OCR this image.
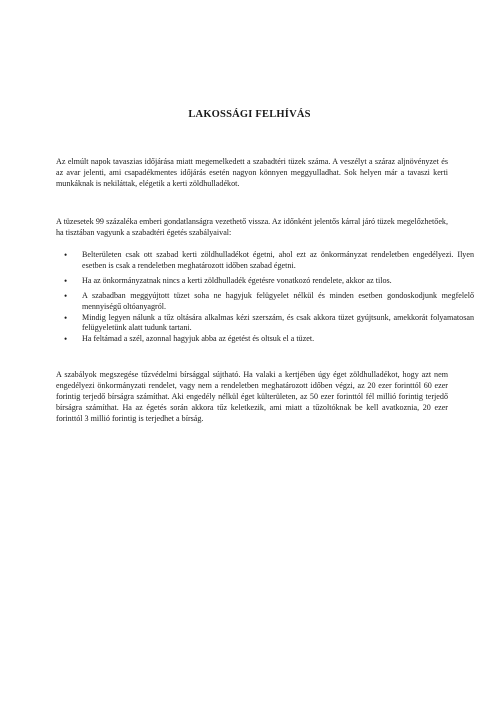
LAKOSSÁGI FELHÍVÁS

Az elmúlt napok tavaszias időjárása miatt megemelkedett a szabadtéri tüzek száma. A veszélyt a száraz aljnövényzet és az avar jelenti, ami csapadékmentes időjárás esetén nagyon könnyen meggyulladhat. Sok helyen már a tavaszi kerti munkáknak is nekiláttak, elégetik a kerti zöldhulladékot.

A tüzesetek 99 százaléka emberi gondatlanságra vezethető vissza. Az időnként jelentős kárral járó tüzek megelőzhetőek, ha tisztában vagyunk a szabadtéri égetés szabályaival:

• Belterületen csak ott szabad kerti zöldhulladékot égetni, ahol ezt az önkormányzat rendeletben engedélyezi. Ilyen esetben is csak a rendeletben meghatározott időben szabad égetni.
• Ha az önkormányzatnak nincs a kerti zöldhulladék égetésre vonatkozó rendelete, akkor az tilos.
• A szabadban meggyújtott tüzet soha ne hagyjuk felügyelet nélkül és minden esetben gondoskodjunk megfelelő mennyiségű oltóanyagról.
• Mindig legyen nálunk a tűz oltására alkalmas kézi szerszám, és csak akkora tüzet gyújtsunk, amekkorát folyamatosan felügyeletünk alatt tudunk tartani.
• Ha feltámad a szél, azonnal hagyjuk abba az égetést és oltsuk el a tüzet.

A szabályok megszegése tűzvédelmi bírsággal sújtható. Ha valaki a kertjében úgy éget zöldhulladékot, hogy azt nem engedélyezi önkormányzati rendelet, vagy nem a rendeletben meghatározott időben végzi, az 20 ezer forinttól 60 ezer forintig terjedő bírságra számíthat. Aki engedély nélkül éget külterületen, az 50 ezer forinttól fél millió forintig terjedő bírságra számíthat. Ha az égetés során akkora tűz keletkezik, ami miatt a tűzoltóknak be kell avatkoznia, 20 ezer forinttól 3 millió forintig is terjedhet a bírság.
